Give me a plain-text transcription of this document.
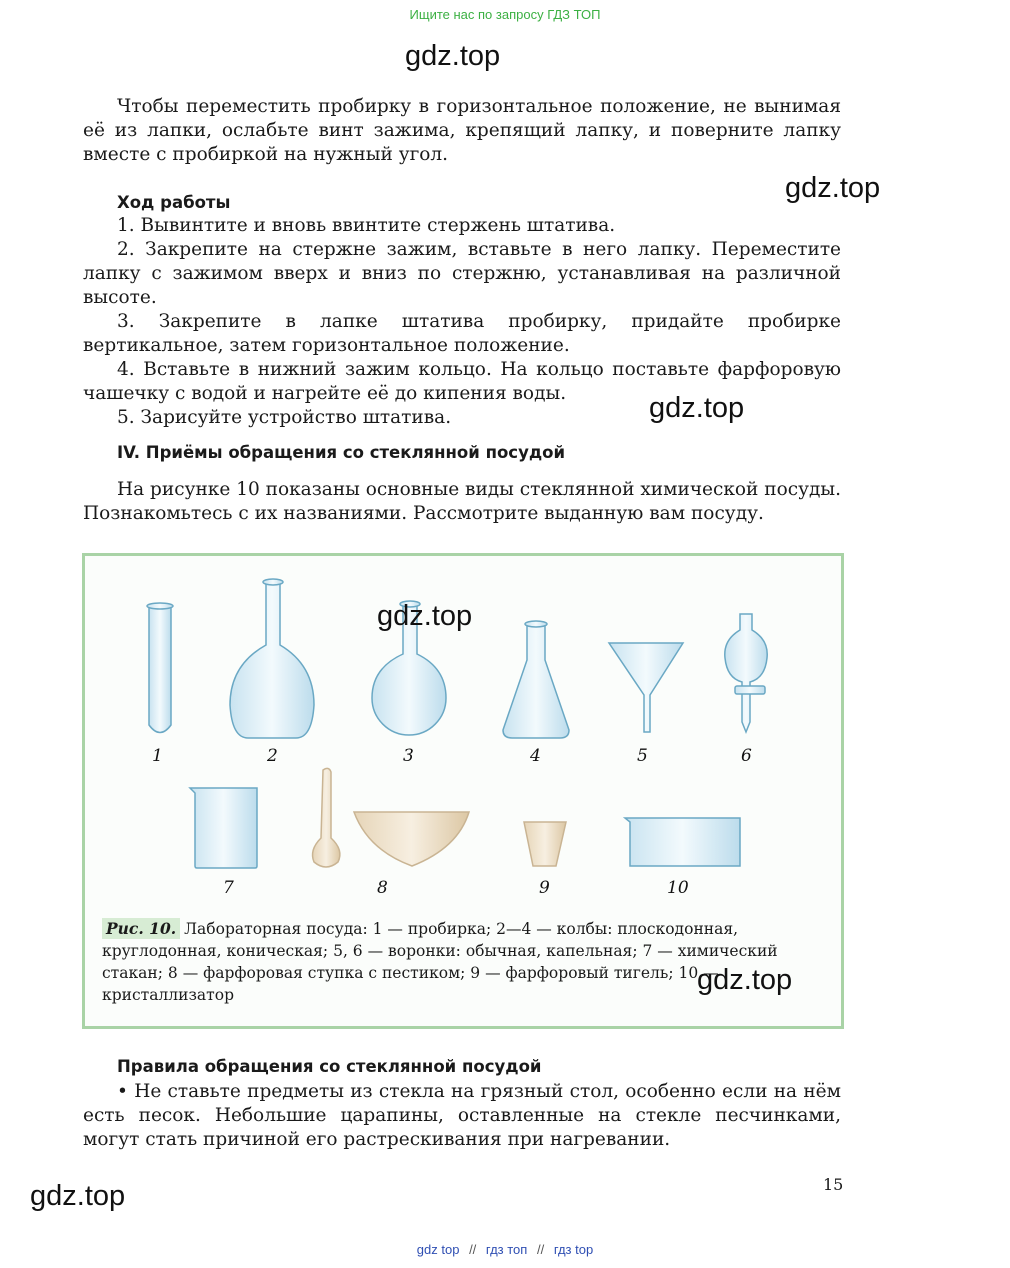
Ищите нас по запросу ГДЗ ТОП
gdz.top
gdz.top
gdz.top
gdz.top
gdz.top
gdz.top

Чтобы переместить пробирку в горизонтальное положение, не вынимая её из лапки, ослабьте винт зажима, крепящий лапку, и поверните лапку вместе с пробиркой на нужный угол.

Ход работы

1. Вывинтите и вновь ввинтите стержень штатива.

2. Закрепите на стержне зажим, вставьте в него лапку. Переместите лапку с зажимом вверх и вниз по стержню, устанавливая на различной высоте.

3. Закрепите в лапке штатива пробирку, придайте пробирке вертикальное, затем горизонтальное положение.

4. Вставьте в нижний зажим кольцо. На кольцо поставьте фарфоровую чашечку с водой и нагрейте её до кипения воды.

5. Зарисуйте устройство штатива.

IV. Приёмы обращения со стеклянной посудой

На рисунке 10 показаны основные виды стеклянной химической посуды. Познакомьтесь с их названиями. Рассмотрите выданную вам посуду.

1	2	3	4	5	6
7	8	9	10
Рис. 10. Лабораторная посуда: 1 — пробирка; 2—4 — колбы: плоскодонная, круглодонная, коническая; 5, 6 — воронки: обычная, капельная; 7 — химический стакан; 8 — фарфоровая ступка с пестиком; 9 — фарфоровый тигель; 10 — кристаллизатор
Правила обращения со стеклянной посудой

• Не ставьте предметы из стекла на грязный стол, особенно если на нём есть песок. Небольшие царапины, оставленные на стекле песчинками, могут стать причиной его растрескивания при нагревании.

15
gdz top // гдз топ // гдз top
